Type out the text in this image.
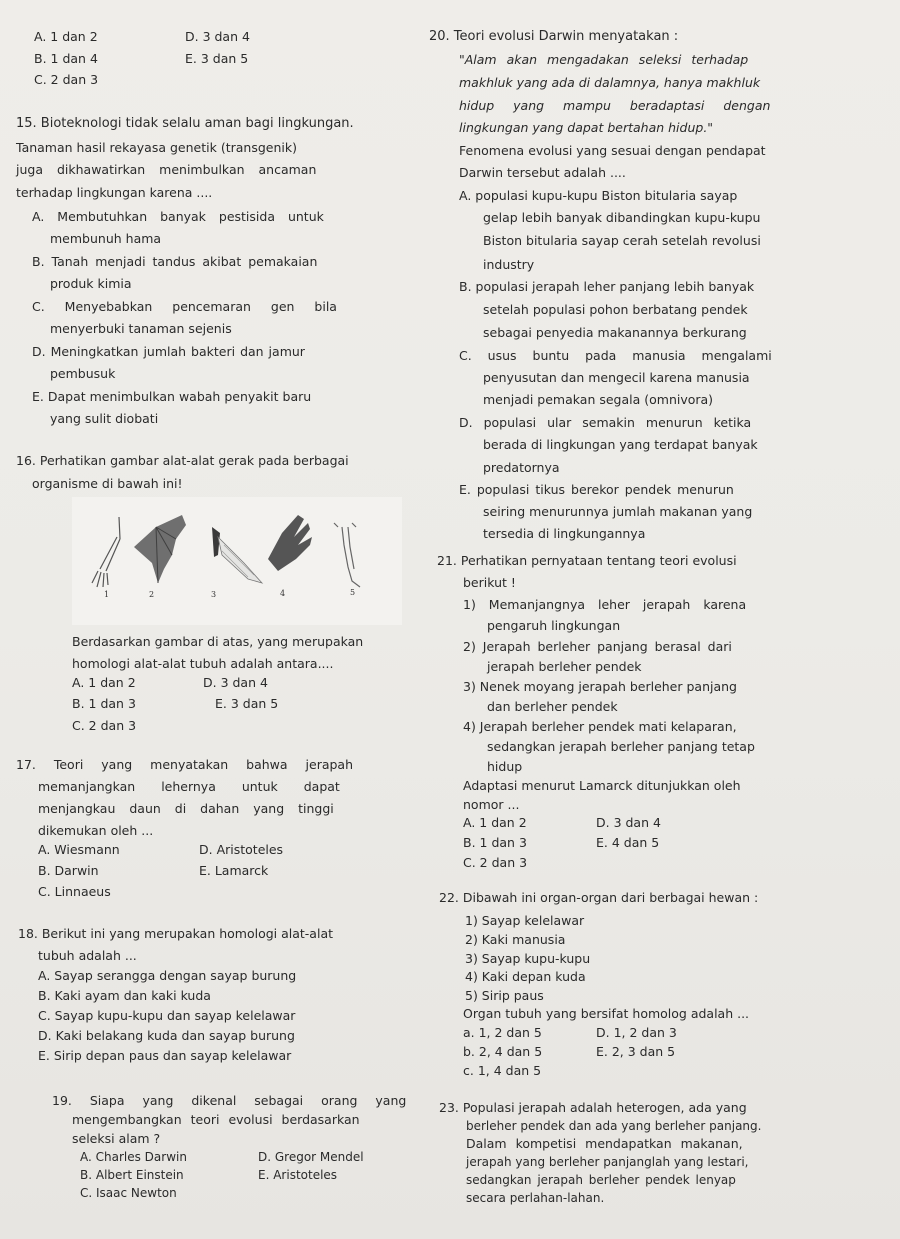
A. 1 dan 2	D. 3 dan 4
B. 1 dan 4	E. 3 dan 5
C. 2 dan 3
15. Bioteknologi tidak selalu aman bagi lingkungan.
Tanaman hasil rekayasa genetik (transgenik)
juga dikhawatirkan menimbulkan ancaman
terhadap lingkungan karena ....
A. Membutuhkan banyak pestisida untuk
membunuh hama
B. Tanah menjadi tandus akibat pemakaian
produk kimia
C. Menyebabkan pencemaran gen bila
menyerbuki tanaman sejenis
D. Meningkatkan jumlah bakteri dan jamur
pembusuk
E. Dapat menimbulkan wabah penyakit baru
yang sulit diobati
16. Perhatikan gambar alat-alat gerak pada berbagai
organisme di bawah ini!
1	2	3	4	5
Berdasarkan gambar di atas, yang merupakan
homologi alat-alat tubuh adalah antara....
A. 1 dan 2	D. 3 dan 4
B. 1 dan 3	E. 3 dan 5
C. 2 dan 3
17. Teori yang menyatakan bahwa jerapah
memanjangkan lehernya untuk dapat
menjangkau daun di dahan yang tinggi
dikemukan oleh ...
A. Wiesmann	D. Aristoteles
B. Darwin	E. Lamarck
C. Linnaeus
18. Berikut ini yang merupakan homologi alat-alat
tubuh adalah ...
A. Sayap serangga dengan sayap burung
B. Kaki ayam dan kaki kuda
C. Sayap kupu-kupu dan sayap kelelawar
D. Kaki belakang kuda dan sayap burung
E. Sirip depan paus dan sayap kelelawar
19. Siapa yang dikenal sebagai orang yang
mengembangkan teori evolusi berdasarkan
seleksi alam ?
A. Charles Darwin	D. Gregor Mendel
B. Albert Einstein	E. Aristoteles
C. Isaac Newton
20. Teori evolusi Darwin menyatakan :
"Alam akan mengadakan seleksi terhadap
makhluk yang ada di dalamnya, hanya makhluk
hidup yang mampu beradaptasi dengan
lingkungan yang dapat bertahan hidup."
Fenomena evolusi yang sesuai dengan pendapat
Darwin tersebut adalah ....
A. populasi kupu-kupu Biston bitularia sayap
gelap lebih banyak dibandingkan kupu-kupu
Biston bitularia sayap cerah setelah revolusi
industry
B. populasi jerapah leher panjang lebih banyak
setelah populasi pohon berbatang pendek
sebagai penyedia makanannya berkurang
C. usus buntu pada manusia mengalami
penyusutan dan mengecil karena manusia
menjadi pemakan segala (omnivora)
D. populasi ular semakin menurun ketika
berada di lingkungan yang terdapat banyak
predatornya
E. populasi tikus berekor pendek menurun
seiring menurunnya jumlah makanan yang
tersedia di lingkungannya
21. Perhatikan pernyataan tentang teori evolusi
berikut !
1) Memanjangnya leher jerapah karena
pengaruh lingkungan
2) Jerapah berleher panjang berasal dari
jerapah berleher pendek
3) Nenek moyang jerapah berleher panjang
dan berleher pendek
4) Jerapah berleher pendek mati kelaparan,
sedangkan jerapah berleher panjang tetap
hidup
Adaptasi menurut Lamarck ditunjukkan oleh
nomor ...
A. 1 dan 2	D. 3 dan 4
B. 1 dan 3	E. 4 dan 5
C. 2 dan 3
22. Dibawah ini organ-organ dari berbagai hewan :
1) Sayap kelelawar
2) Kaki manusia
3) Sayap kupu-kupu
4) Kaki depan kuda
5) Sirip paus
Organ tubuh yang bersifat homolog adalah ...
a. 1, 2 dan 5	D. 1, 2 dan 3
b. 2, 4 dan 5	E. 2, 3 dan 5
c. 1, 4 dan 5
23. Populasi jerapah adalah heterogen, ada yang
berleher pendek dan ada yang berleher panjang.
Dalam kompetisi mendapatkan makanan,
jerapah yang berleher panjanglah yang lestari,
sedangkan jerapah berleher pendek lenyap
secara perlahan-lahan.
